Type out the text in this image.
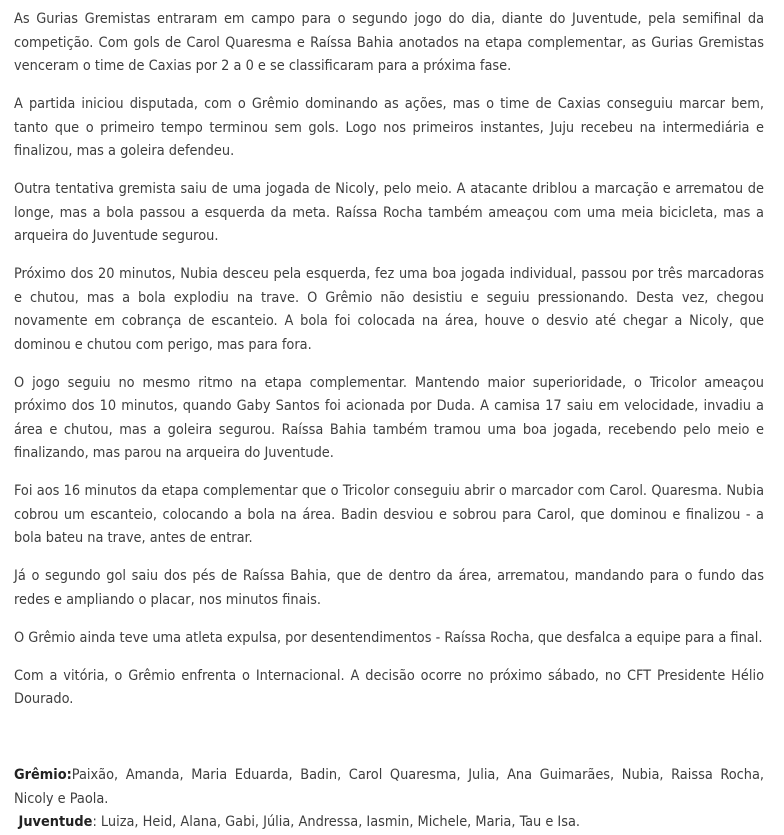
As Gurias Gremistas entraram em campo para o segundo jogo do dia, diante do Juventude, pela semifinal da competição. Com gols de Carol Quaresma e Raíssa Bahia anotados na etapa complementar, as Gurias Gremistas venceram o time de Caxias por 2 a 0 e se classificaram para a próxima fase.

A partida iniciou disputada, com o Grêmio dominando as ações, mas o time de Caxias conseguiu marcar bem, tanto que o primeiro tempo terminou sem gols. Logo nos primeiros instantes, Juju recebeu na intermediária e finalizou, mas a goleira defendeu.

Outra tentativa gremista saiu de uma jogada de Nicoly, pelo meio. A atacante driblou a marcação e arrematou de longe, mas a bola passou a esquerda da meta. Raíssa Rocha também ameaçou com uma meia bicicleta, mas a arqueira do Juventude segurou.

Próximo dos 20 minutos, Nubia desceu pela esquerda, fez uma boa jogada individual, passou por três marcadoras e chutou, mas a bola explodiu na trave. O Grêmio não desistiu e seguiu pressionando. Desta vez, chegou novamente em cobrança de escanteio. A bola foi colocada na área, houve o desvio até chegar a Nicoly, que dominou e chutou com perigo, mas para fora.

O jogo seguiu no mesmo ritmo na etapa complementar. Mantendo maior superioridade, o Tricolor ameaçou próximo dos 10 minutos, quando Gaby Santos foi acionada por Duda. A camisa 17 saiu em velocidade, invadiu a área e chutou, mas a goleira segurou. Raíssa Bahia também tramou uma boa jogada, recebendo pelo meio e finalizando, mas parou na arqueira do Juventude.

Foi aos 16 minutos da etapa complementar que o Tricolor conseguiu abrir o marcador com Carol. Quaresma. Nubia cobrou um escanteio, colocando a bola na área. Badin desviou e sobrou para Carol, que dominou e finalizou - a bola bateu na trave, antes de entrar.

Já o segundo gol saiu dos pés de Raíssa Bahia, que de dentro da área, arrematou, mandando para o fundo das redes e ampliando o placar, nos minutos finais.

O Grêmio ainda teve uma atleta expulsa, por desentendimentos - Raíssa Rocha, que desfalca a equipe para a final.

Com a vitória, o Grêmio enfrenta o Internacional. A decisão ocorre no próximo sábado, no CFT Presidente Hélio Dourado.

Grêmio:Paixão, Amanda, Maria Eduarda, Badin, Carol Quaresma, Julia, Ana Guimarães, Nubia, Raissa Rocha, Nicoly e Paola.

Juventude: Luiza, Heid, Alana, Gabi, Júlia, Andressa, Iasmin, Michele, Maria, Tau e Isa.
